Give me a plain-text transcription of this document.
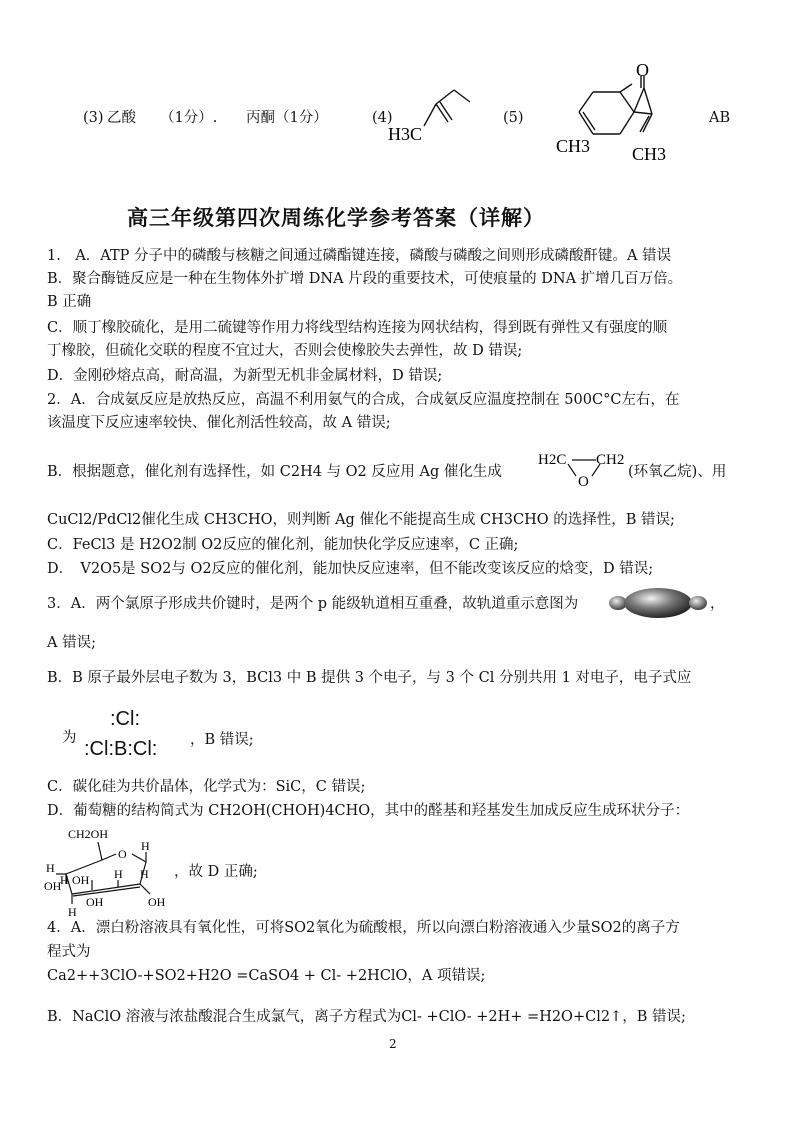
(3) 乙酸 （1分）. 丙酮（1分）	(4)
H3C
(5)
O
CH3 CH3
AB
高三年级第四次周练化学参考答案（详解）
1.　A．ATP 分子中的磷酸与核糖之间通过磷酯键连接，磷酸与磷酸之间则形成磷酸酐键。A 错误
B．聚合酶链反应是一种在生物体外扩增 DNA 片段的重要技术，可使痕量的 DNA 扩增几百万倍。
B 正确
C．顺丁橡胶硫化，是用二硫键等作用力将线型结构连接为网状结构，得到既有弹性又有强度的顺
丁橡胶，但硫化交联的程度不宜过大，否则会使橡胶失去弹性，故 D 错误;
D．金刚砂熔点高，耐高温，为新型无机非金属材料，D 错误;
2．A．合成氨反应是放热反应，高温不利用氨气的合成，合成氨反应温度控制在 500C°C左右，在
该温度下反应速率较快、催化剂活性较高，故 A 错误;
B．根据题意，催化剂有选择性，如 C2H4 与 O2 反应用 Ag 催化生成
H2C CH2
O
(环氧乙烷)、用
CuCl2/PdCl2催化生成 CH3CHO，则判断 Ag 催化不能提高生成 CH3CHO 的选择性，B 错误;
C．FeCl3 是 H2O2制 O2反应的催化剂，能加快化学反应速率，C 正确;
D．　V2O5是 SO2与 O2反应的催化剂，能加快反应速率，但不能改变该反应的焓变，D 错误;
3．A．两个氯原子形成共价键时，是两个 p 能级轨道相互重叠，故轨道重示意图为	，
A 错误;
B．B 原子最外层电子数为 3，BCl3 中 B 提供 3 个电子，与 3 个 Cl 分别共用 1 对电子，电子式应
为
:Cl:
:Cl:B:Cl: ，B 错误;
C．碳化硅为共价晶体，化学式为：SiC，C 错误;
D．葡萄糖的结构简式为 CH2OH(CHOH)4CHO，其中的醛基和羟基发生加成反应生成环状分子：
CH2OH
O
H
H
H
OH OH H
OH
OH
H
H ，故 D 正确;
4．A．漂白粉溶液具有氧化性，可将SO2氧化为硫酸根，所以向漂白粉溶液通入少量SO2的离子方
程式为
Ca2++3ClO-+SO2+H2O =CaSO4 + Cl- +2HClO，A 项错误;
B．NaClO 溶液与浓盐酸混合生成氯气，离子方程式为Cl- +ClO- +2H+ =H2O+Cl2↑，B 错误;
2
